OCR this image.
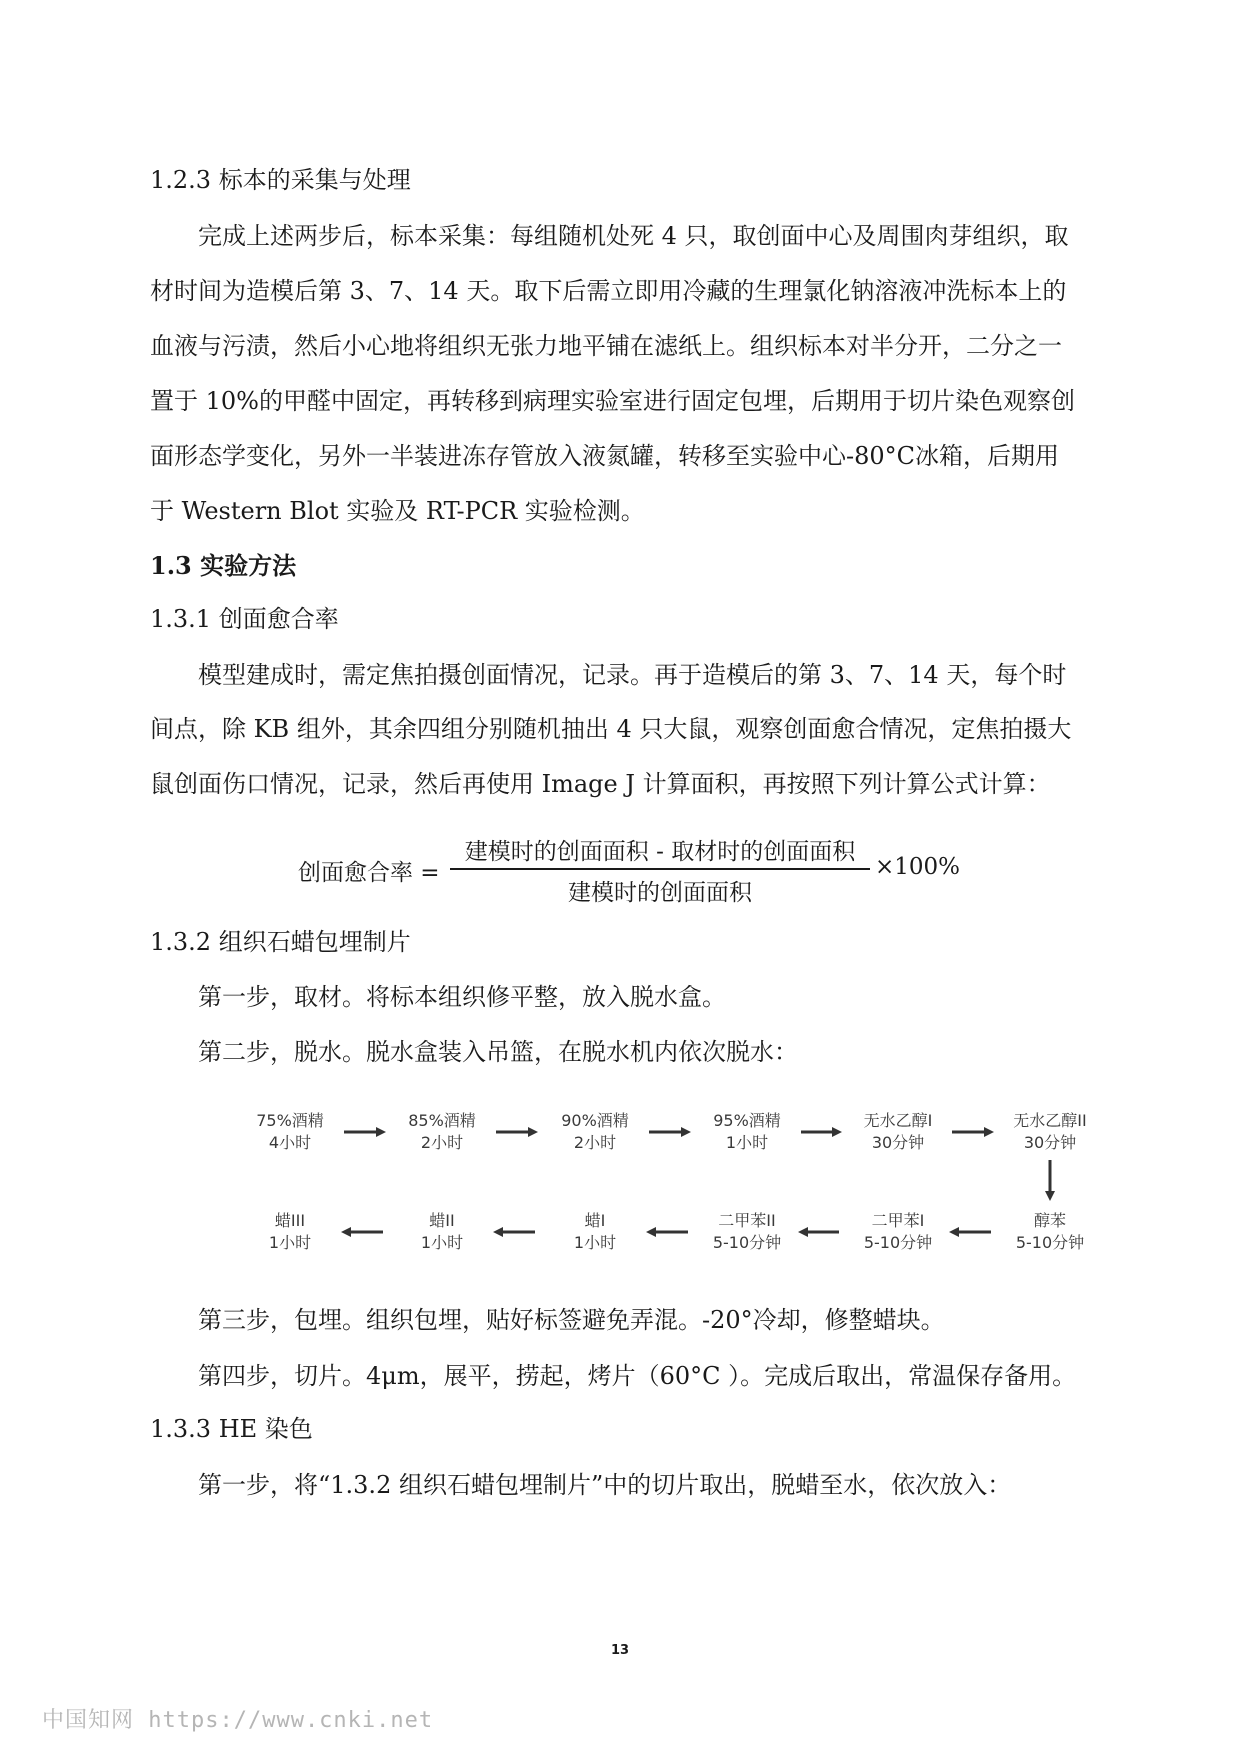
1.2.3 标本的采集与处理
完成上述两步后，标本采集：每组随机处死 4 只，取创面中心及周围肉芽组织，取
材时间为造模后第 3、7、14 天。取下后需立即用冷藏的生理氯化钠溶液冲洗标本上的
血液与污渍，然后小心地将组织无张力地平铺在滤纸上。组织标本对半分开，二分之一
置于 10%的甲醛中固定，再转移到病理实验室进行固定包埋，后期用于切片染色观察创
面形态学变化，另外一半装进冻存管放入液氮罐，转移至实验中心-80°C冰箱，后期用
于 Western Blot 实验及 RT-PCR 实验检测。
1.3 实验方法
1.3.1 创面愈合率
模型建成时，需定焦拍摄创面情况，记录。再于造模后的第 3、7、14 天，每个时
间点，除 KB 组外，其余四组分别随机抽出 4 只大鼠，观察创面愈合情况，定焦拍摄大
鼠创面伤口情况，记录，然后再使用 Image J 计算面积，再按照下列计算公式计算：
创面愈合率 =
建模时的创面面积 - 取材时的创面面积
建模时的创面面积
×100%
1.3.2 组织石蜡包埋制片
第一步，取材。将标本组织修平整，放入脱水盒。
第二步，脱水。脱水盒装入吊篮，在脱水机内依次脱水：
75%酒精
4小时
85%酒精
2小时
90%酒精
2小时
95%酒精
1小时
无水乙醇I
30分钟
无水乙醇II
30分钟
蜡III
1小时
蜡II
1小时
蜡I
1小时
二甲苯II
5-10分钟
二甲苯I
5-10分钟
醇苯
5-10分钟
第三步，包埋。组织包埋，贴好标签避免弄混。-20°冷却，修整蜡块。
第四步，切片。4μm，展平，捞起，烤片（60°C ）。完成后取出，常温保存备用。
1.3.3 HE 染色
第一步，将“1.3.2 组织石蜡包埋制片”中的切片取出，脱蜡至水，依次放入：
13
中国知网 https://www.cnki.net
